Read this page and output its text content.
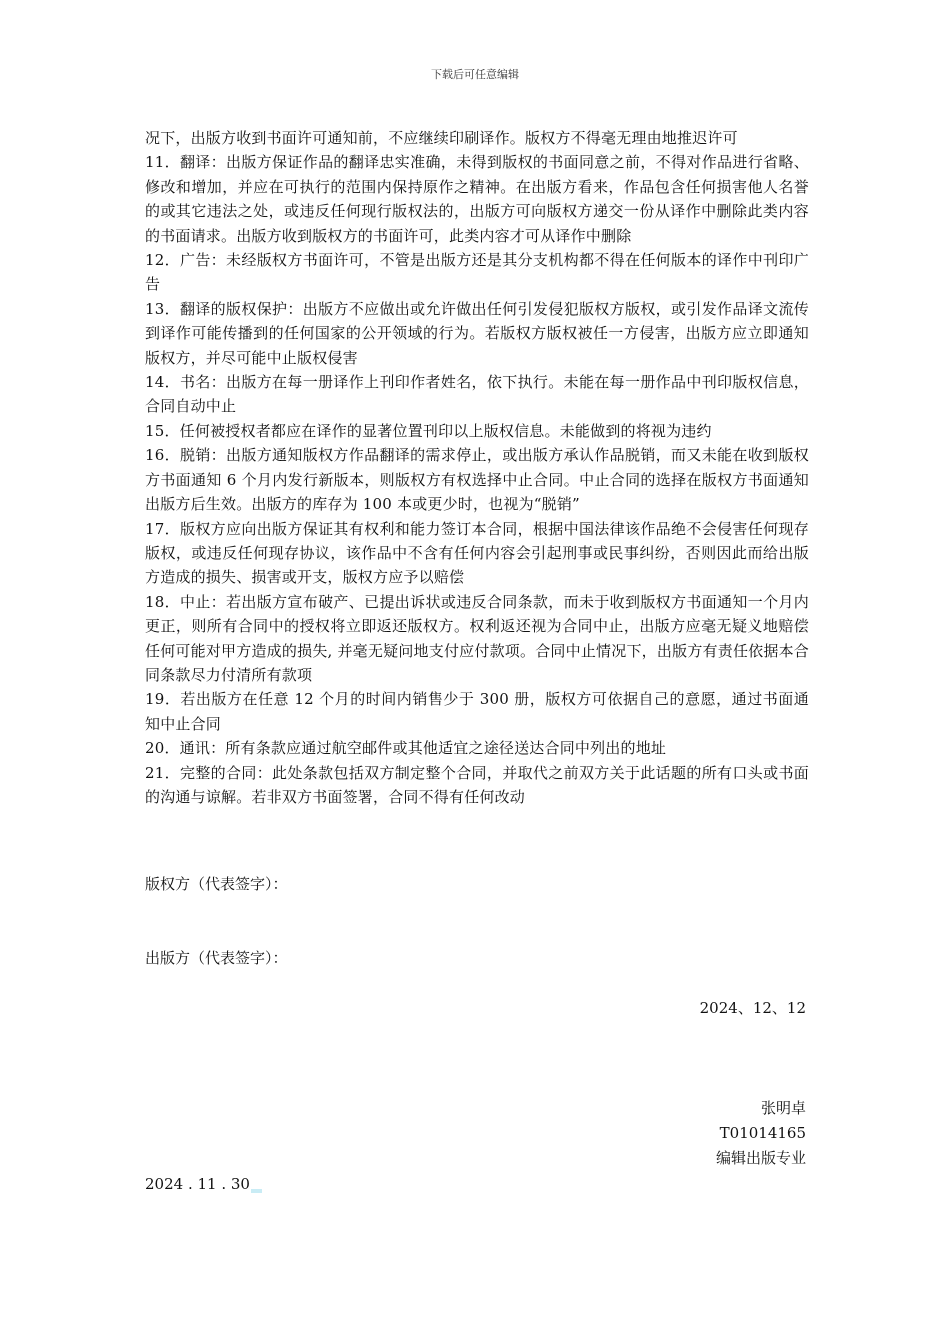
下载后可任意编辑

况下，出版方收到书面许可通知前，不应继续印刷译作。版权方不得毫无理由地推迟许可

11．翻译：出版方保证作品的翻译忠实准确，未得到版权的书面同意之前，不得对作品进行省略、修改和增加，并应在可执行的范围内保持原作之精神。在出版方看来，作品包含任何损害他人名誉的或其它违法之处，或违反任何现行版权法的，出版方可向版权方递交一份从译作中删除此类内容的书面请求。出版方收到版权方的书面许可，此类内容才可从译作中删除

12．广告：未经版权方书面许可，不管是出版方还是其分支机构都不得在任何版本的译作中刊印广告

13．翻译的版权保护：出版方不应做出或允许做出任何引发侵犯版权方版权，或引发作品译文流传到译作可能传播到的任何国家的公开领域的行为。若版权方版权被任一方侵害，出版方应立即通知版权方，并尽可能中止版权侵害

14．书名：出版方在每一册译作上刊印作者姓名，依下执行。未能在每一册作品中刊印版权信息，合同自动中止

15．任何被授权者都应在译作的显著位置刊印以上版权信息。未能做到的将视为违约

16．脱销：出版方通知版权方作品翻译的需求停止，或出版方承认作品脱销，而又未能在收到版权方书面通知 6 个月内发行新版本，则版权方有权选择中止合同。中止合同的选择在版权方书面通知出版方后生效。出版方的库存为 100 本或更少时，也视为“脱销”

17．版权方应向出版方保证其有权利和能力签订本合同，根据中国法律该作品绝不会侵害任何现存版权，或违反任何现存协议，该作品中不含有任何内容会引起刑事或民事纠纷，否则因此而给出版方造成的损失、损害或开支，版权方应予以赔偿

18．中止：若出版方宣布破产、已提出诉状或违反合同条款，而未于收到版权方书面通知一个月内更正，则所有合同中的授权将立即返还版权方。权利返还视为合同中止，出版方应毫无疑义地赔偿任何可能对甲方造成的损失, 并毫无疑问地支付应付款项。合同中止情况下，出版方有责任依据本合同条款尽力付清所有款项

19．若出版方在任意 12 个月的时间内销售少于 300 册，版权方可依据自己的意愿，通过书面通知中止合同

20．通讯：所有条款应通过航空邮件或其他适宜之途径送达合同中列出的地址

21．完整的合同：此处条款包括双方制定整个合同，并取代之前双方关于此话题的所有口头或书面的沟通与谅解。若非双方书面签署，合同不得有任何改动

版权方（代表签字）：
出版方（代表签字）：
2024、12、12
张明卓
T01014165
编辑出版专业
2024 . 11 . 30
